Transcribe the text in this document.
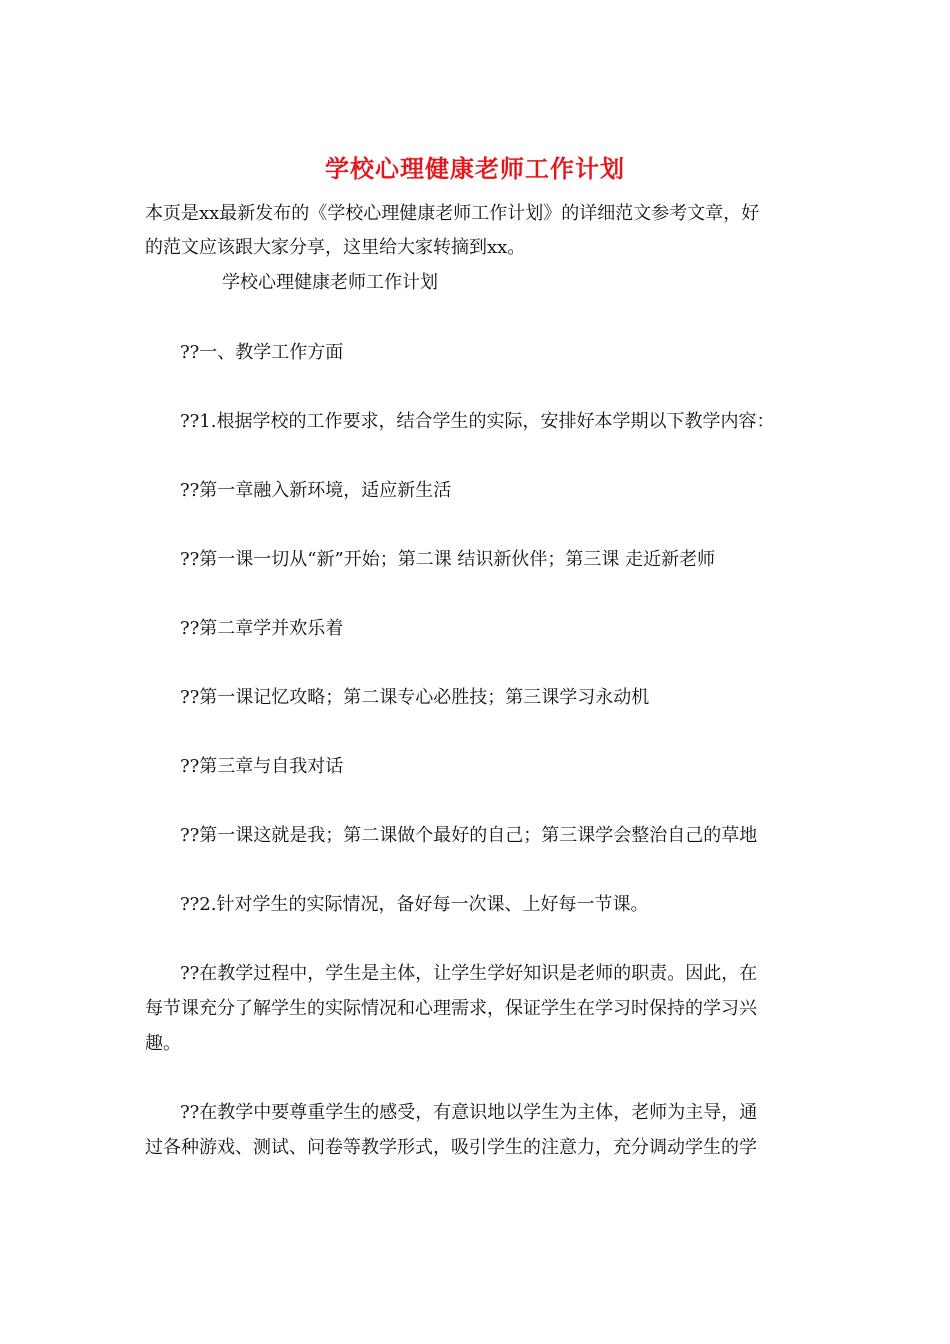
学校心理健康老师工作计划
本页是xx最新发布的《学校心理健康老师工作计划》的详细范文参考文章，好
的范文应该跟大家分享，这里给大家转摘到xx。
学校心理健康老师工作计划
??一、教学工作方面
??1.根据学校的工作要求，结合学生的实际，安排好本学期以下教学内容：
??第一章融入新环境，适应新生活
??第一课一切从“新”开始；第二课 结识新伙伴；第三课 走近新老师
??第二章学并欢乐着
??第一课记忆攻略；第二课专心必胜技；第三课学习永动机
??第三章与自我对话
??第一课这就是我；第二课做个最好的自己；第三课学会整治自己的草地
??2.针对学生的实际情况，备好每一次课、上好每一节课。
??在教学过程中，学生是主体，让学生学好知识是老师的职责。因此，在
每节课充分了解学生的实际情况和心理需求，保证学生在学习时保持的学习兴
趣。
??在教学中要尊重学生的感受，有意识地以学生为主体，老师为主导，通
过各种游戏、测试、问卷等教学形式，吸引学生的注意力，充分调动学生的学
